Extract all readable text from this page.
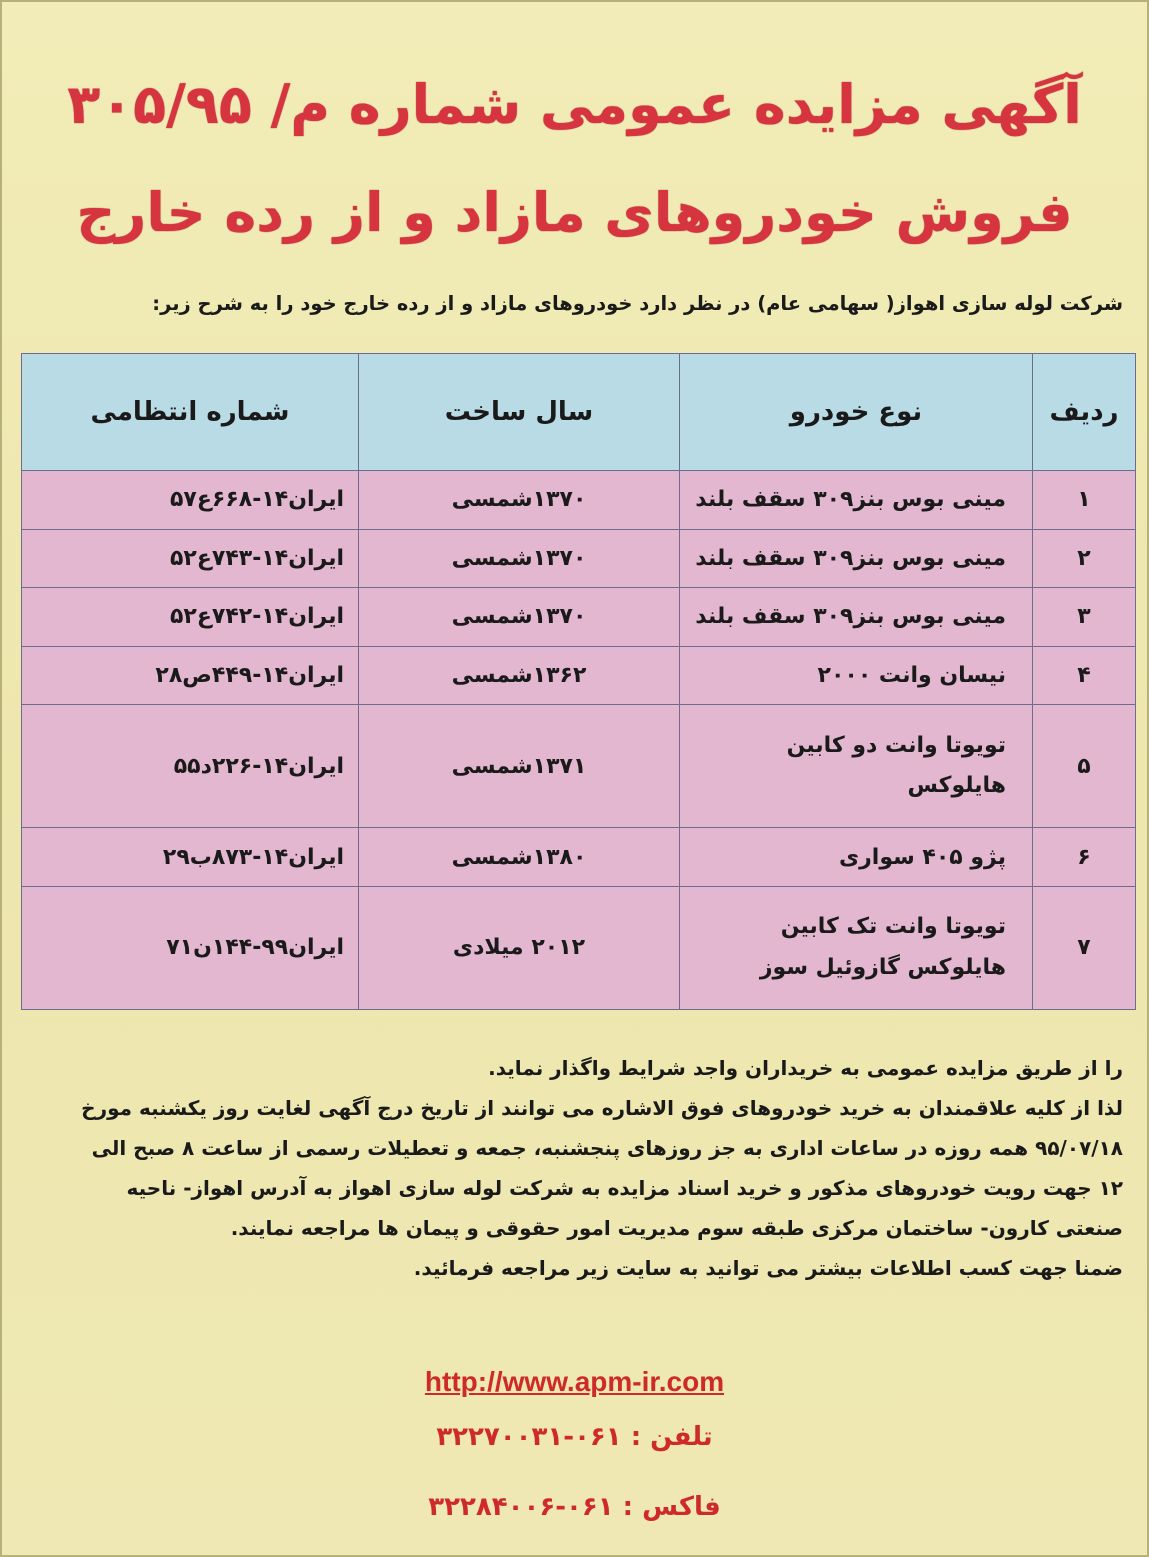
آگهی مزایده عمومی شماره م/ ۳۰۵/۹۵
فروش خودروهای مازاد و از رده خارج
شرکت لوله سازی اهواز( سهامی عام) در نظر دارد خودروهای مازاد و از رده خارج خود را به شرح زیر:
ردیف	نوع خودرو	سال ساخت	شماره انتظامی
۱	مینی بوس بنز۳۰۹ سقف بلند	۱۳۷۰شمسی	ایران۱۴-۶۶۸ع۵۷
۲	مینی بوس بنز۳۰۹ سقف بلند	۱۳۷۰شمسی	ایران۱۴-۷۴۳ع۵۲
۳	مینی بوس بنز۳۰۹ سقف بلند	۱۳۷۰شمسی	ایران۱۴-۷۴۲ع۵۲
۴	نیسان وانت ۲۰۰۰	۱۳۶۲شمسی	ایران۱۴-۴۴۹ص۲۸
۵	تویوتا وانت دو کابین هایلوکس	۱۳۷۱شمسی	ایران۱۴-۲۲۶د۵۵
۶	پژو ۴۰۵ سواری	۱۳۸۰شمسی	ایران۱۴-۸۷۳ب۲۹
۷	تویوتا وانت تک کابین هایلوکس گازوئیل سوز	۲۰۱۲ میلادی	ایران۹۹-۱۴۴ن۷۱

را از طریق مزایده عمومی به خریداران واجد شرایط واگذار نماید.

لذا از کلیه علاقمندان به خرید خودروهای فوق الاشاره می توانند از تاریخ درج آگهی لغایت روز یکشنبه مورخ

۹۵/۰۷/۱۸ همه روزه در ساعات اداری به جز روزهای پنجشنبه، جمعه و تعطیلات رسمی از ساعت ۸ صبح الی

۱۲ جهت رویت خودروهای مذکور و خرید اسناد مزایده به شرکت لوله سازی اهواز به آدرس اهواز- ناحیه

صنعتی کارون- ساختمان مرکزی طبقه سوم مدیریت امور حقوقی و پیمان ها مراجعه نمایند.

ضمنا جهت کسب اطلاعات بیشتر می توانید به سایت زیر مراجعه فرمائید.

http://www.apm-ir.com
تلفن : ۰۶۱-۳۲۲۷۰۰۳۱
فاکس : ۰۶۱-۳۲۲۸۴۰۰۶
